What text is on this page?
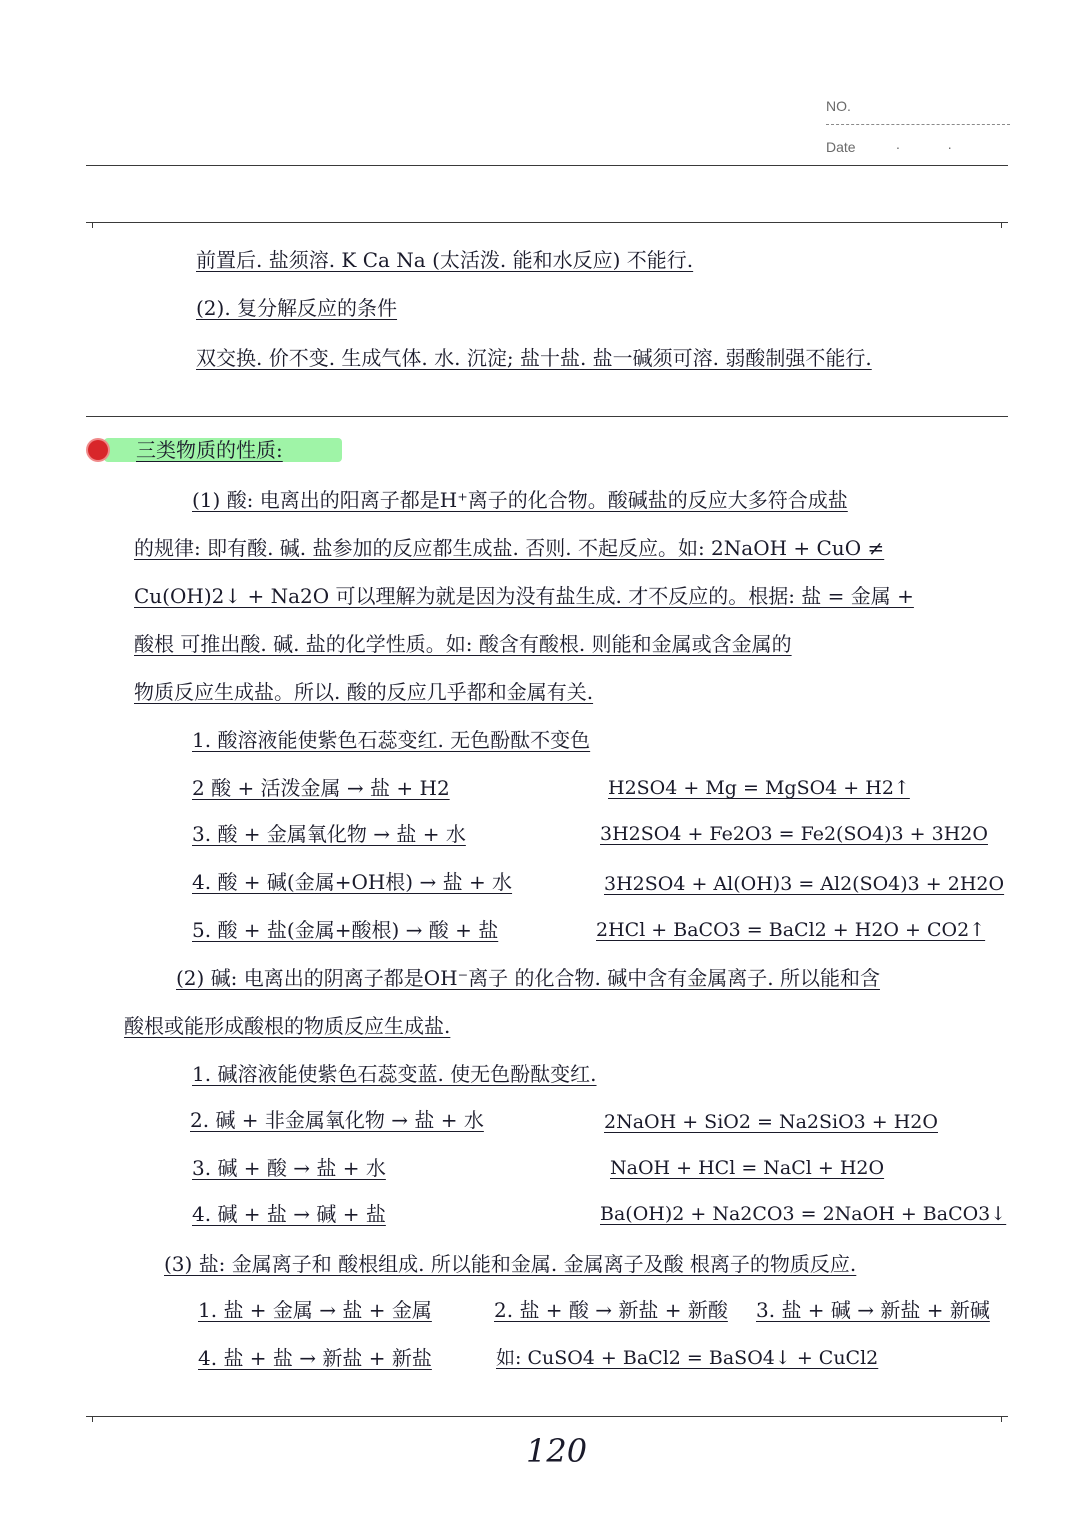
NO.
Date	. .
前置后. 盐须溶. K Ca Na (太活泼. 能和水反应) 不能行.
(2). 复分解反应的条件
双交换. 价不变. 生成气体. 水. 沉淀; 盐十盐. 盐一碱须可溶. 弱酸制强不能行.
三类物质的性质:
(1) 酸: 电离出的阳离子都是H⁺离子的化合物。酸碱盐的反应大多符合成盐
的规律: 即有酸. 碱. 盐参加的反应都生成盐. 否则. 不起反应。如: 2NaOH + CuO ≠
Cu(OH)2↓ + Na2O 可以理解为就是因为没有盐生成. 才不反应的。根据: 盐 = 金属 +
酸根 可推出酸. 碱. 盐的化学性质。如: 酸含有酸根. 则能和金属或含金属的
物质反应生成盐。所以. 酸的反应几乎都和金属有关.
1. 酸溶液能使紫色石蕊变红. 无色酚酞不变色
2 酸 + 活泼金属 → 盐 + H2	H2SO4 + Mg = MgSO4 + H2↑
3. 酸 + 金属氧化物 → 盐 + 水	3H2SO4 + Fe2O3 = Fe2(SO4)3 + 3H2O
4. 酸 + 碱(金属+OH根) → 盐 + 水	3H2SO4 + Al(OH)3 = Al2(SO4)3 + 2H2O
5. 酸 + 盐(金属+酸根) → 酸 + 盐	2HCl + BaCO3 = BaCl2 + H2O + CO2↑
(2) 碱: 电离出的阴离子都是OH⁻离子 的化合物. 碱中含有金属离子. 所以能和含
酸根或能形成酸根的物质反应生成盐.
1. 碱溶液能使紫色石蕊变蓝. 使无色酚酞变红.
2. 碱 + 非金属氧化物 → 盐 + 水	2NaOH + SiO2 = Na2SiO3 + H2O
3. 碱 + 酸 → 盐 + 水	NaOH + HCl = NaCl + H2O
4. 碱 + 盐 → 碱 + 盐	Ba(OH)2 + Na2CO3 = 2NaOH + BaCO3↓
(3) 盐: 金属离子和 酸根组成. 所以能和金属. 金属离子及酸 根离子的物质反应.
1. 盐 + 金属 → 盐 + 金属	2. 盐 + 酸 → 新盐 + 新酸 3. 盐 + 碱 → 新盐 + 新碱
4. 盐 + 盐 → 新盐 + 新盐	如: CuSO4 + BaCl2 = BaSO4↓ + CuCl2
120
